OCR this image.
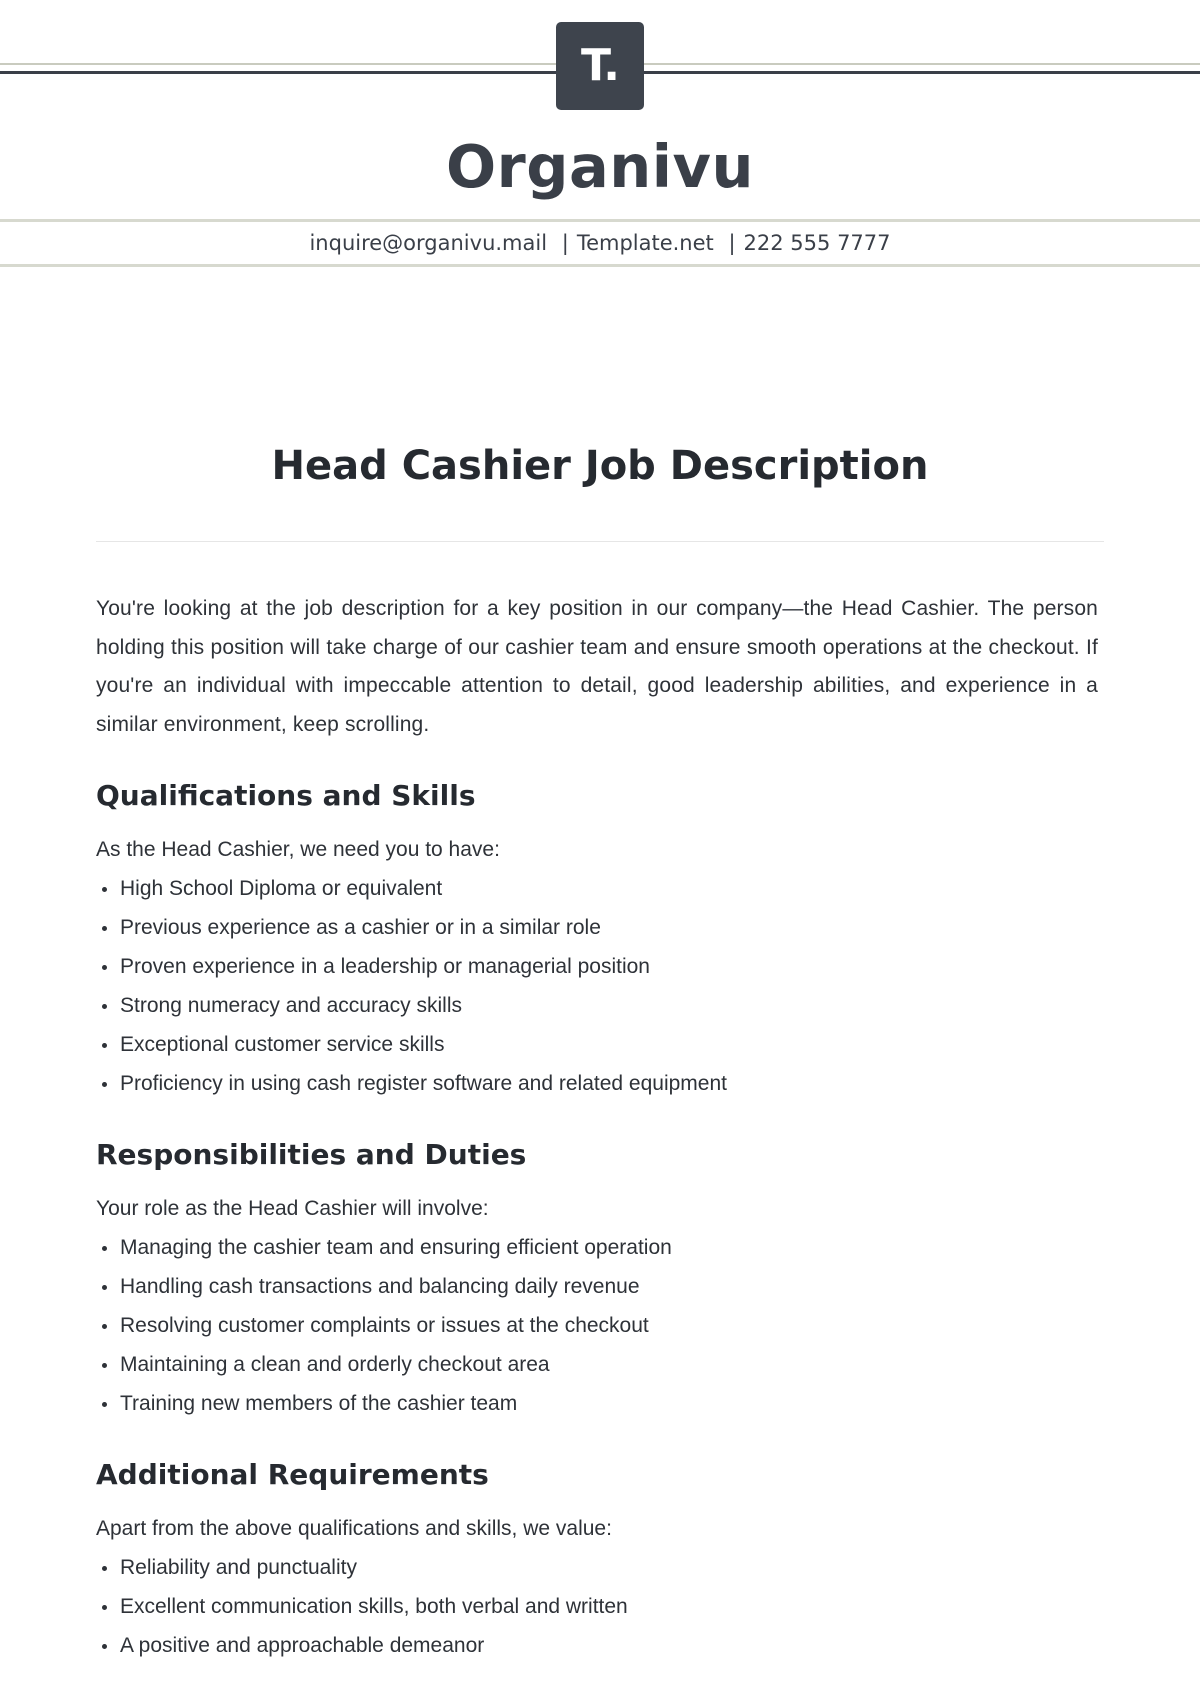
T.
Organivu
inquire@organivu.mail | Template.net | 222 555 7777
Head Cashier Job Description

You're looking at the job description for a key position in our company—the Head Cashier. The person holding this position will take charge of our cashier team and ensure smooth operations at the checkout. If you're an individual with impeccable attention to detail, good leadership abilities, and experience in a similar environment, keep scrolling.

Qualifications and Skills

As the Head Cashier, we need you to have:

High School Diploma or equivalent
Previous experience as a cashier or in a similar role
Proven experience in a leadership or managerial position
Strong numeracy and accuracy skills
Exceptional customer service skills
Proficiency in using cash register software and related equipment
Responsibilities and Duties

Your role as the Head Cashier will involve:

Managing the cashier team and ensuring efficient operation
Handling cash transactions and balancing daily revenue
Resolving customer complaints or issues at the checkout
Maintaining a clean and orderly checkout area
Training new members of the cashier team
Additional Requirements

Apart from the above qualifications and skills, we value:

Reliability and punctuality
Excellent communication skills, both verbal and written
A positive and approachable demeanor
